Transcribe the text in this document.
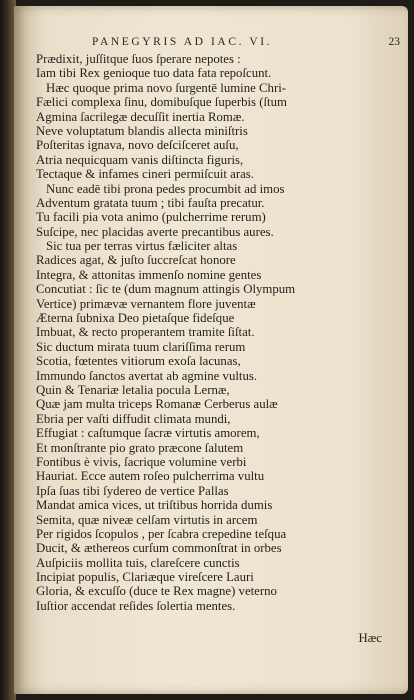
PANEGYRIS AD IAC. VI.	23
Prædixit, juſſitque ſuos ſperare nepotes :
Iam tibi Rex genioque tuo data fata repoſcunt.
Hæc quoque prima novo ſurgentē lumine Chri-
Fælici complexa ſinu, domibuſque ſuperbis (ſtum
Agmina ſacrilegæ decuſſit inertia Romæ.
Neve voluptatum blandis allecta miniſtris
Poſteritas ignava, novo deſciſceret auſu,
Atria nequicquam vanis diſtincta figuris,
Tectaque & infames cineri permiſcuit aras.
Nunc eadē tibi prona pedes procumbit ad imos
Adventum gratata tuum ; tibi fauſta precatur.
Tu facili pia vota animo (pulcherrime rerum)
Suſcipe, nec placidas averte precantibus aures.
Sic tua per terras virtus fæliciter altas
Radices agat, & juſto ſuccreſcat honore
Integra, & attonitas immenſo nomine gentes
Concutiat : ſic te (dum magnum attingis Olympum
Vertice) primævæ vernantem flore juventæ
Æterna ſubnixa Deo pietaſque fideſque
Imbuat, & recto properantem tramite ſiſtat.
Sic ductum mirata tuum clariſſima rerum
Scotia, fœtentes vitiorum exoſa lacunas,
Immundo ſanctos avertat ab agmine vultus.
Quin & Tenariæ letalia pocula Lernæ,
Quæ jam multa triceps Romanæ Cerberus aulæ
Ebria per vaſti diffudit climata mundi,
Effugiat : caſtumque ſacræ virtutis amorem,
Et monſtrante pio grato præcone ſalutem
Fontibus è vivis, ſacrique volumine verbi
Hauriat. Ecce autem roſeo pulcherrima vultu
Ipſa ſuas tibi ſydereo de vertice Pallas
Mandat amica vices, ut triſtibus horrida dumis
Semita, quæ niveæ celſam virtutis in arcem
Per rigidos ſcopulos , per ſcabra crepedine teſqua
Ducit, & æthereos curſum commonſtrat in orbes
Auſpiciis mollita tuis, clareſcere cunctis
Incipiat populis, Clariæque vireſcere Lauri
Gloria, & excuſſo (duce te Rex magne) veterno
Iuſtior accendat reſides ſolertia mentes.
Hæc
